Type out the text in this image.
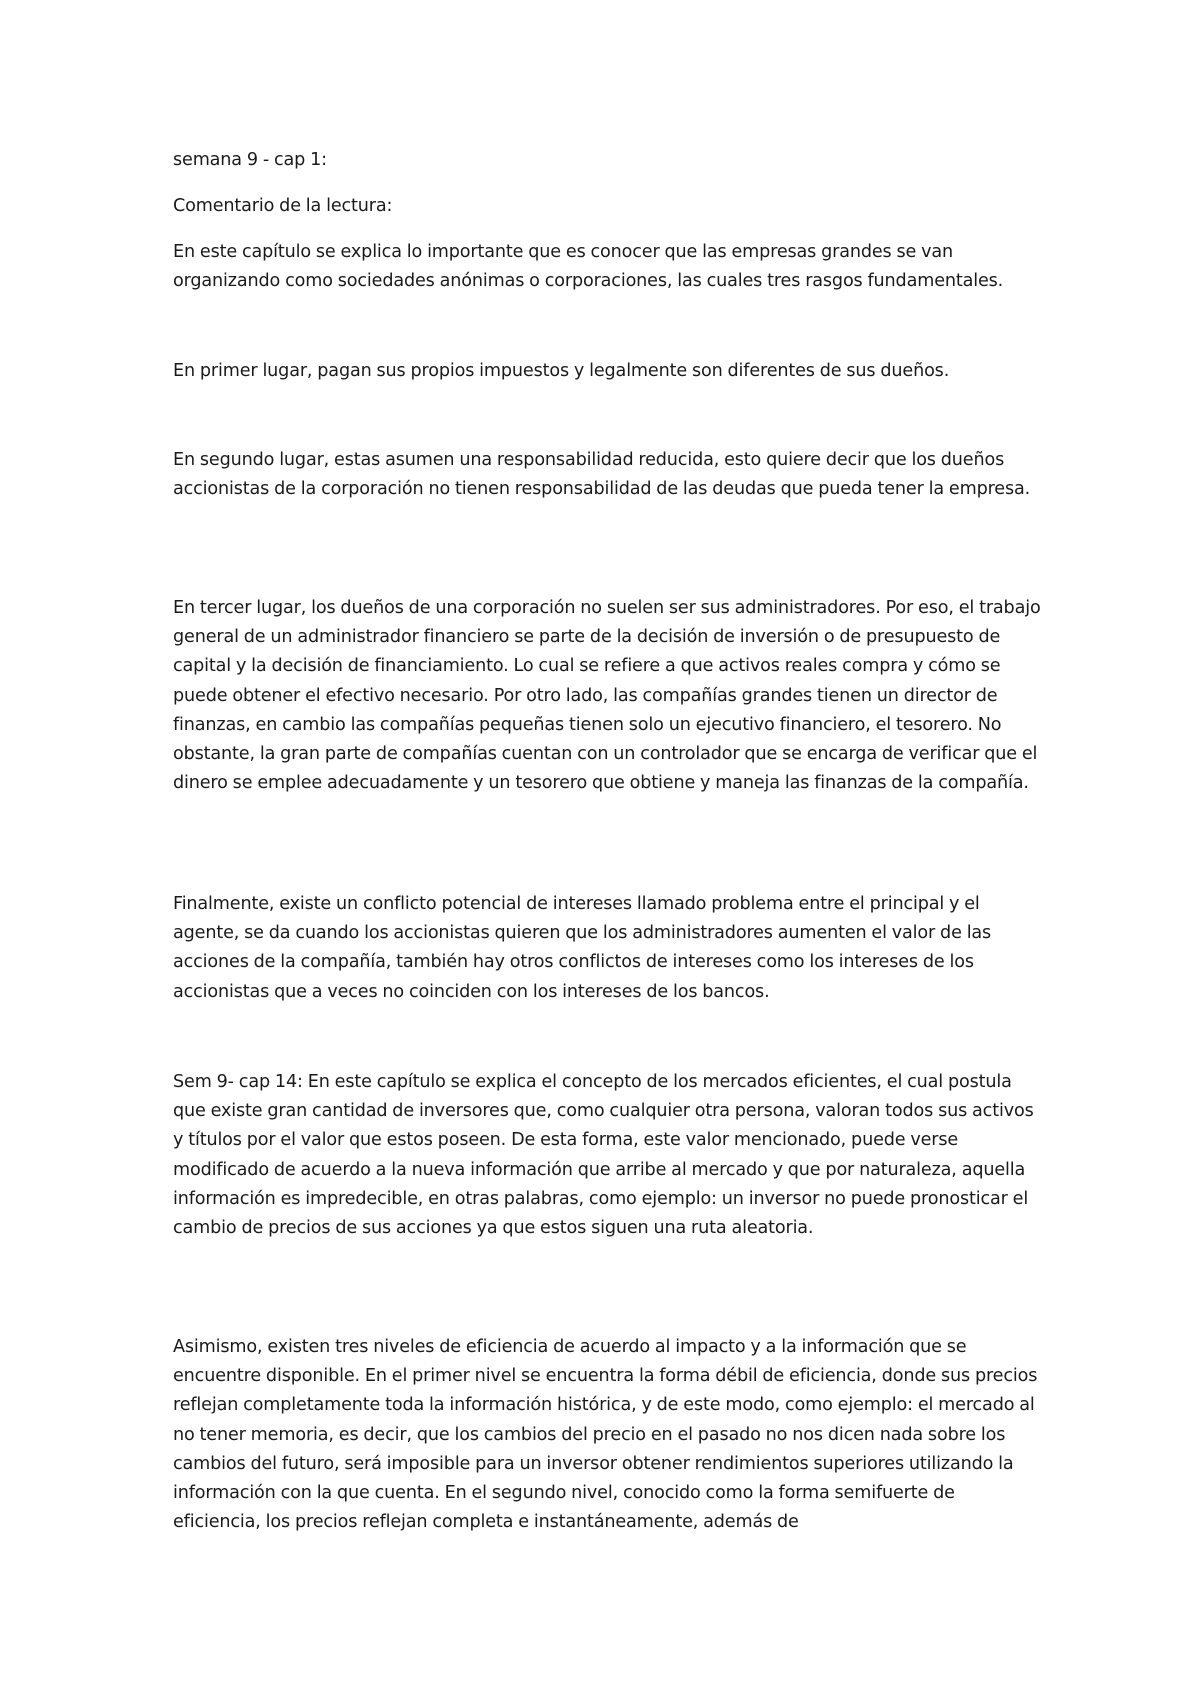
semana 9 - cap 1:

Comentario de la lectura:

En este capítulo se explica lo importante que es conocer que las empresas grandes se van organizando como sociedades anónimas o corporaciones, las cuales tres rasgos fundamentales.

En primer lugar, pagan sus propios impuestos y legalmente son diferentes de sus dueños.

En segundo lugar, estas asumen una responsabilidad reducida, esto quiere decir que los dueños accionistas de la corporación no tienen responsabilidad de las deudas que pueda tener la empresa.

En tercer lugar, los dueños de una corporación no suelen ser sus administradores. Por eso, el trabajo general de un administrador financiero se parte de la decisión de inversión o de presupuesto de capital y la decisión de financiamiento. Lo cual se refiere a que activos reales compra y cómo se puede obtener el efectivo necesario. Por otro lado, las compañías grandes tienen un director de finanzas, en cambio las compañías pequeñas tienen solo un ejecutivo financiero, el tesorero. No obstante, la gran parte de compañías cuentan con un controlador que se encarga de verificar que el dinero se emplee adecuadamente y un tesorero que obtiene y maneja las finanzas de la compañía.

Finalmente, existe un conflicto potencial de intereses llamado problema entre el principal y el agente, se da cuando los accionistas quieren que los administradores aumenten el valor de las acciones de la compañía, también hay otros conflictos de intereses como los intereses de los accionistas que a veces no coinciden con los intereses de los bancos.

Sem 9- cap 14: En este capítulo se explica el concepto de los mercados eficientes, el cual postula que existe gran cantidad de inversores que, como cualquier otra persona, valoran todos sus activos y títulos por el valor que estos poseen. De esta forma, este valor mencionado, puede verse modificado de acuerdo a la nueva información que arribe al mercado y que por naturaleza, aquella información es impredecible, en otras palabras, como ejemplo: un inversor no puede pronosticar el cambio de precios de sus acciones ya que estos siguen una ruta aleatoria.

Asimismo, existen tres niveles de eficiencia de acuerdo al impacto y a la información que se encuentre disponible. En el primer nivel se encuentra la forma débil de eficiencia, donde sus precios reflejan completamente toda la información histórica, y de este modo, como ejemplo: el mercado al no tener memoria, es decir, que los cambios del precio en el pasado no nos dicen nada sobre los cambios del futuro, será imposible para un inversor obtener rendimientos superiores utilizando la información con la que cuenta. En el segundo nivel, conocido como la forma semifuerte de eficiencia, los precios reflejan completa e instantáneamente, además de
